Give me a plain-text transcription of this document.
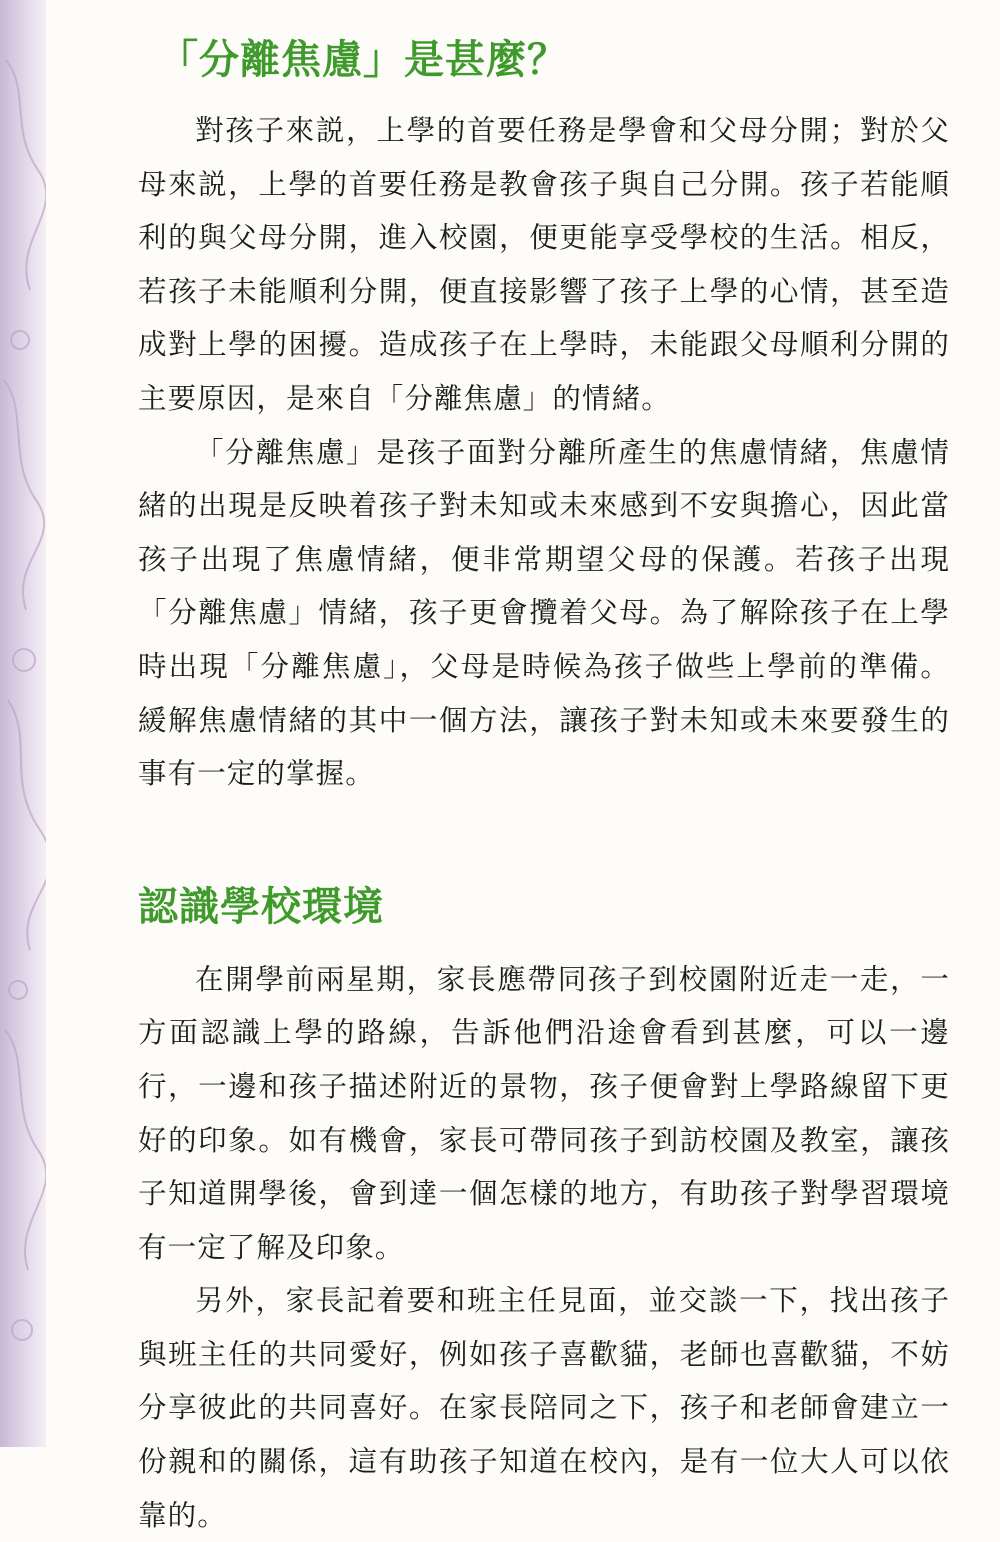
「分離焦慮」是甚麼？

對孩子來説，上學的首要任務是學會和父母分開；對於父母來説，上學的首要任務是教會孩子與自己分開。孩子若能順利的與父母分開，進入校園，便更能享受學校的生活。相反，若孩子未能順利分開，便直接影響了孩子上學的心情，甚至造成對上學的困擾。造成孩子在上學時，未能跟父母順利分開的主要原因，是來自「分離焦慮」的情緒。

「分離焦慮」是孩子面對分離所產生的焦慮情緒，焦慮情緒的出現是反映着孩子對未知或未來感到不安與擔心，因此當孩子出現了焦慮情緒，便非常期望父母的保護。若孩子出現「分離焦慮」情緒，孩子更會攬着父母。為了解除孩子在上學時出現「分離焦慮」，父母是時候為孩子做些上學前的準備。緩解焦慮情緒的其中一個方法，讓孩子對未知或未來要發生的事有一定的掌握。

認識學校環境

在開學前兩星期，家長應帶同孩子到校園附近走一走，一方面認識上學的路線，告訴他們沿途會看到甚麼，可以一邊行，一邊和孩子描述附近的景物，孩子便會對上學路線留下更好的印象。如有機會，家長可帶同孩子到訪校園及教室，讓孩子知道開學後，會到達一個怎樣的地方，有助孩子對學習環境有一定了解及印象。

另外，家長記着要和班主任見面，並交談一下，找出孩子與班主任的共同愛好，例如孩子喜歡貓，老師也喜歡貓，不妨分享彼此的共同喜好。在家長陪同之下，孩子和老師會建立一份親和的關係，這有助孩子知道在校內，是有一位大人可以依靠的。
